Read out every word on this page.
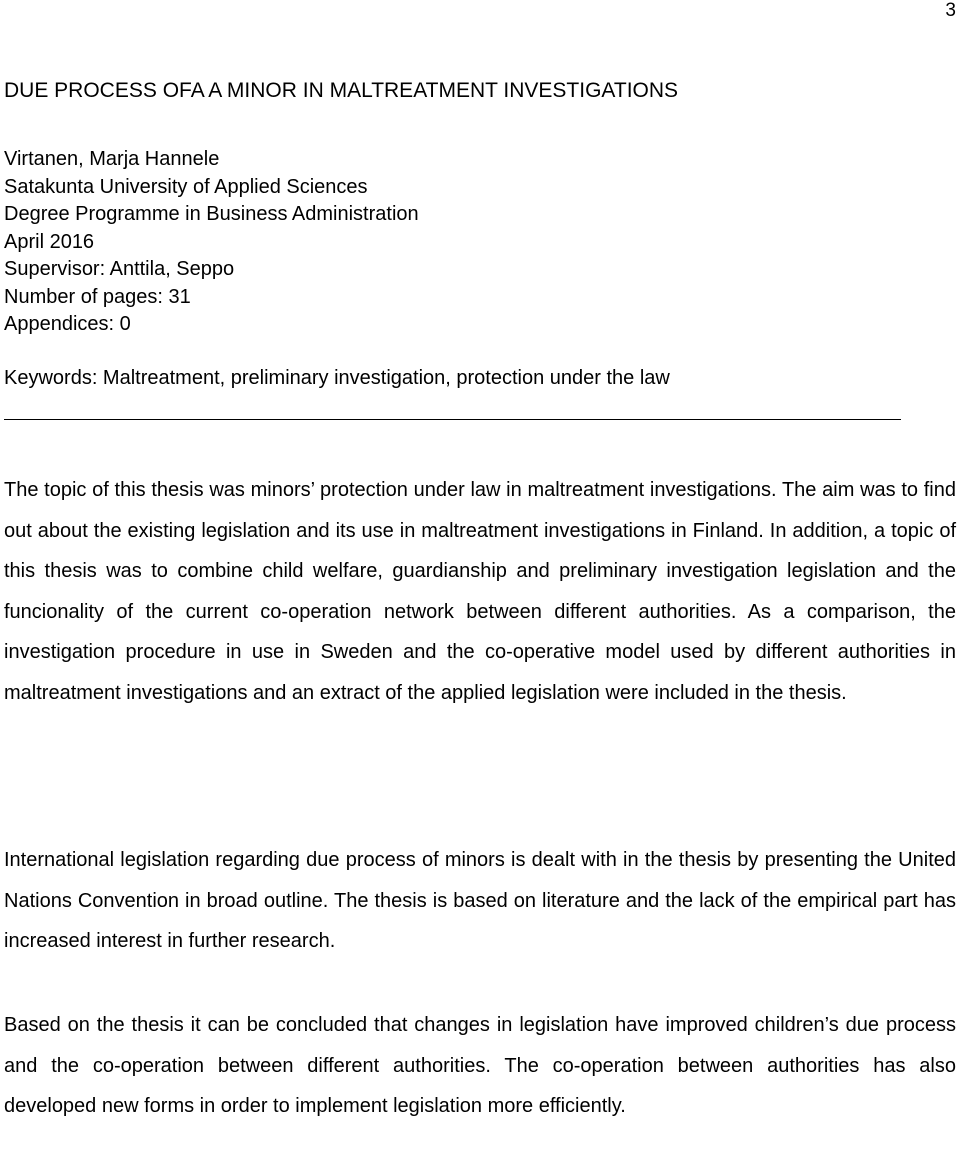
3
DUE PROCESS OFA A MINOR IN MALTREATMENT INVESTIGATIONS
Virtanen, Marja Hannele
Satakunta University of Applied Sciences
Degree Programme in Business Administration
April 2016
Supervisor: Anttila, Seppo
Number of pages: 31
Appendices: 0
Keywords: Maltreatment, preliminary investigation, protection under the law

The topic of this thesis was minors’ protection under law in maltreatment investigations. The aim was to find out about the existing legislation and its use in maltreatment investigations in Finland. In addition, a topic of this thesis was to combine child welfare, guardianship and preliminary investigation legislation and the funcionality of the current co-operation network between different authorities. As a comparison, the investigation procedure in use in Sweden and the co-operative model used by different authorities in maltreatment investigations and an extract of the applied legislation were included in the thesis.

International legislation regarding due process of minors is dealt with in the thesis by presenting the United Nations Convention in broad outline. The thesis is based on literature and the lack of the empirical part has increased interest in further research.

Based on the thesis it can be concluded that changes in legislation have improved children’s due process and the co-operation between different authorities. The co-operation between authorities has also developed new forms in order to implement legislation more efficiently.
